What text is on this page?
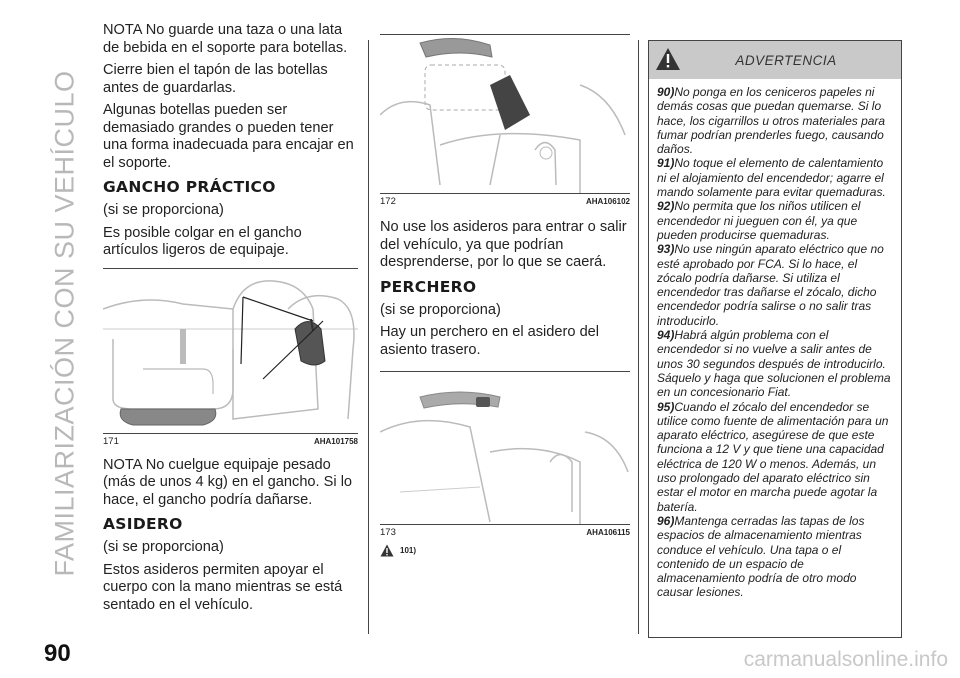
FAMILIARIZACIÓN CON SU VEHÍCULO

NOTA No guarde una taza o una lata de bebida en el soporte para botellas.

Cierre bien el tapón de las botellas antes de guardarlas.

Algunas botellas pueden ser demasiado grandes o pueden tener una forma inadecuada para encajar en el soporte.

GANCHO PRÁCTICO

(si se proporciona)

Es posible colgar en el gancho artículos ligeros de equipaje.

171	AHA101758

NOTA No cuelgue equipaje pesado (más de unos 4 kg) en el gancho. Si lo hace, el gancho podría dañarse.

ASIDERO

(si se proporciona)

Estos asideros permiten apoyar el cuerpo con la mano mientras se está sentado en el vehículo.

172	AHA106102

No use los asideros para entrar o salir del vehículo, ya que podrían desprenderse, por lo que se caerá.

PERCHERO

(si se proporciona)

Hay un perchero en el asidero del asiento trasero.

173	AHA106115
101)
ADVERTENCIA

90)No ponga en los ceniceros papeles ni demás cosas que puedan quemarse. Si lo hace, los cigarrillos u otros materiales para fumar podrían prenderles fuego, causando daños.

91)No toque el elemento de calentamiento ni el alojamiento del encendedor; agarre el mando solamente para evitar quemaduras.

92)No permita que los niños utilicen el encendedor ni jueguen con él, ya que pueden producirse quemaduras.

93)No use ningún aparato eléctrico que no esté aprobado por FCA. Si lo hace, el zócalo podría dañarse. Si utiliza el encendedor tras dañarse el zócalo, dicho encendedor podría salirse o no salir tras introducirlo.

94)Habrá algún problema con el encendedor si no vuelve a salir antes de unos 30 segundos después de introducirlo. Sáquelo y haga que solucionen el problema en un concesionario Fiat.

95)Cuando el zócalo del encendedor se utilice como fuente de alimentación para un aparato eléctrico, asegúrese de que este funciona a 12 V y que tiene una capacidad eléctrica de 120 W o menos. Además, un uso prolongado del aparato eléctrico sin estar el motor en marcha puede agotar la batería.

96)Mantenga cerradas las tapas de los espacios de almacenamiento mientras conduce el vehículo. Una tapa o el contenido de un espacio de almacenamiento podría de otro modo causar lesiones.

90	carmanualsonline.info
